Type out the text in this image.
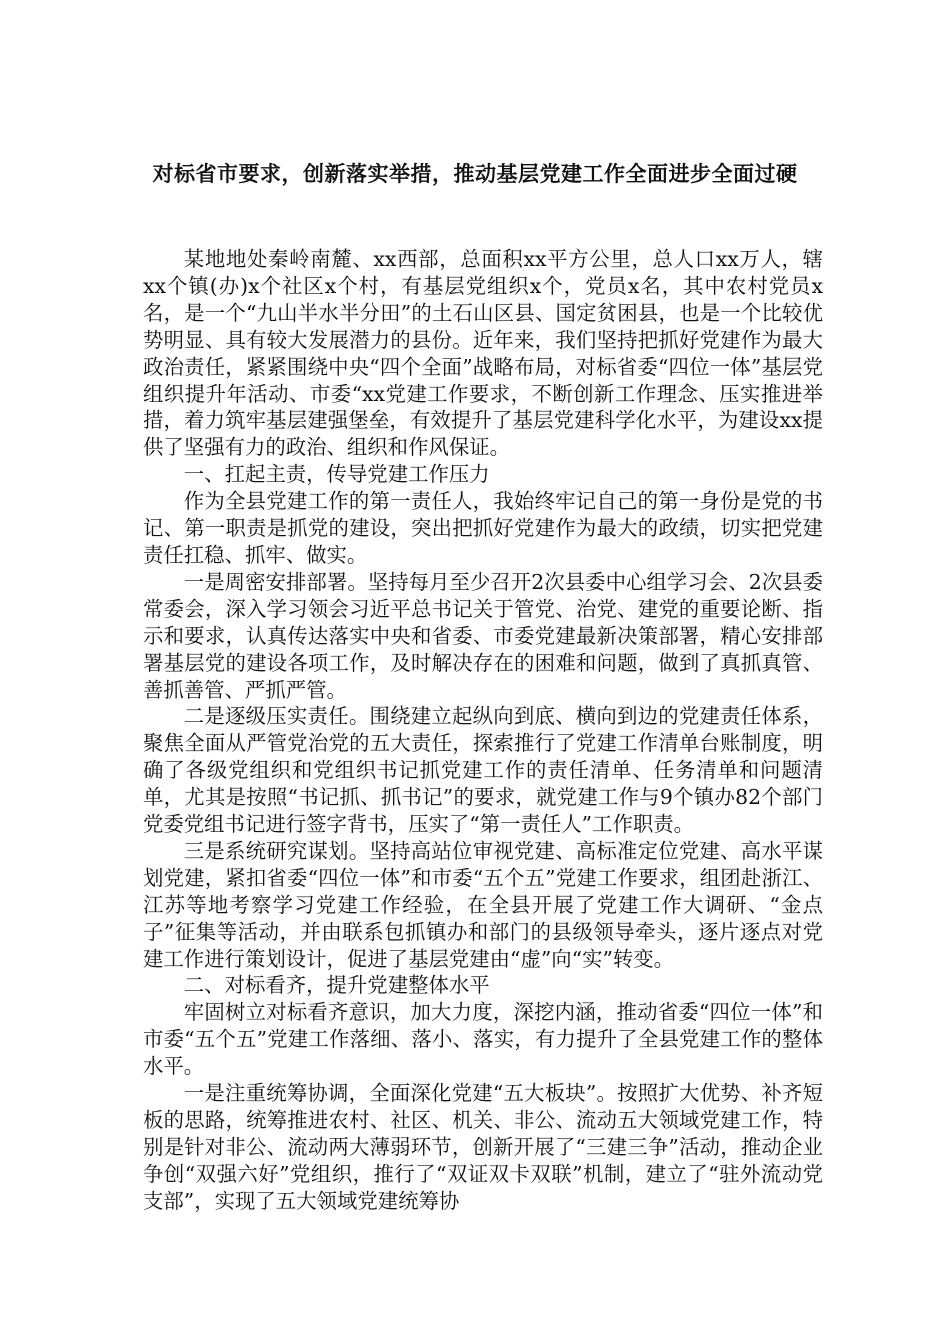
对标省市要求，创新落实举措，推动基层党建工作全面进步全面过硬

某地地处秦岭南麓、xx西部，总面积xx平方公里，总人口xx万人，辖xx个镇(办)x个社区x个村，有基层党组织x个，党员x名，其中农村党员x名，是一个“九山半水半分田”的土石山区县、国定贫困县，也是一个比较优势明显、具有较大发展潜力的县份。近年来，我们坚持把抓好党建作为最大政治责任，紧紧围绕中央“四个全面”战略布局，对标省委“四位一体”基层党组织提升年活动、市委“xx党建工作要求，不断创新工作理念、压实推进举措，着力筑牢基层建强堡垒，有效提升了基层党建科学化水平，为建设xx提供了坚强有力的政治、组织和作风保证。

一、扛起主责，传导党建工作压力

作为全县党建工作的第一责任人，我始终牢记自己的第一身份是党的书记、第一职责是抓党的建设，突出把抓好党建作为最大的政绩，切实把党建责任扛稳、抓牢、做实。

一是周密安排部署。坚持每月至少召开2次县委中心组学习会、2次县委常委会，深入学习领会习近平总书记关于管党、治党、建党的重要论断、指示和要求，认真传达落实中央和省委、市委党建最新决策部署，精心安排部署基层党的建设各项工作，及时解决存在的困难和问题，做到了真抓真管、善抓善管、严抓严管。

二是逐级压实责任。围绕建立起纵向到底、横向到边的党建责任体系，聚焦全面从严管党治党的五大责任，探索推行了党建工作清单台账制度，明确了各级党组织和党组织书记抓党建工作的责任清单、任务清单和问题清单，尤其是按照“书记抓、抓书记”的要求，就党建工作与9个镇办82个部门党委党组书记进行签字背书，压实了“第一责任人”工作职责。

三是系统研究谋划。坚持高站位审视党建、高标准定位党建、高水平谋划党建，紧扣省委“四位一体”和市委“五个五”党建工作要求，组团赴浙江、江苏等地考察学习党建工作经验，在全县开展了党建工作大调研、“金点子”征集等活动，并由联系包抓镇办和部门的县级领导牵头，逐片逐点对党建工作进行策划设计，促进了基层党建由“虚”向“实”转变。

二、对标看齐，提升党建整体水平

牢固树立对标看齐意识，加大力度，深挖内涵，推动省委“四位一体”和市委“五个五”党建工作落细、落小、落实，有力提升了全县党建工作的整体水平。

一是注重统筹协调，全面深化党建“五大板块”。按照扩大优势、补齐短板的思路，统筹推进农村、社区、机关、非公、流动五大领域党建工作，特别是针对非公、流动两大薄弱环节，创新开展了“三建三争”活动，推动企业争创“双强六好”党组织，推行了“双证双卡双联”机制，建立了“驻外流动党支部”，实现了五大领域党建统筹协
